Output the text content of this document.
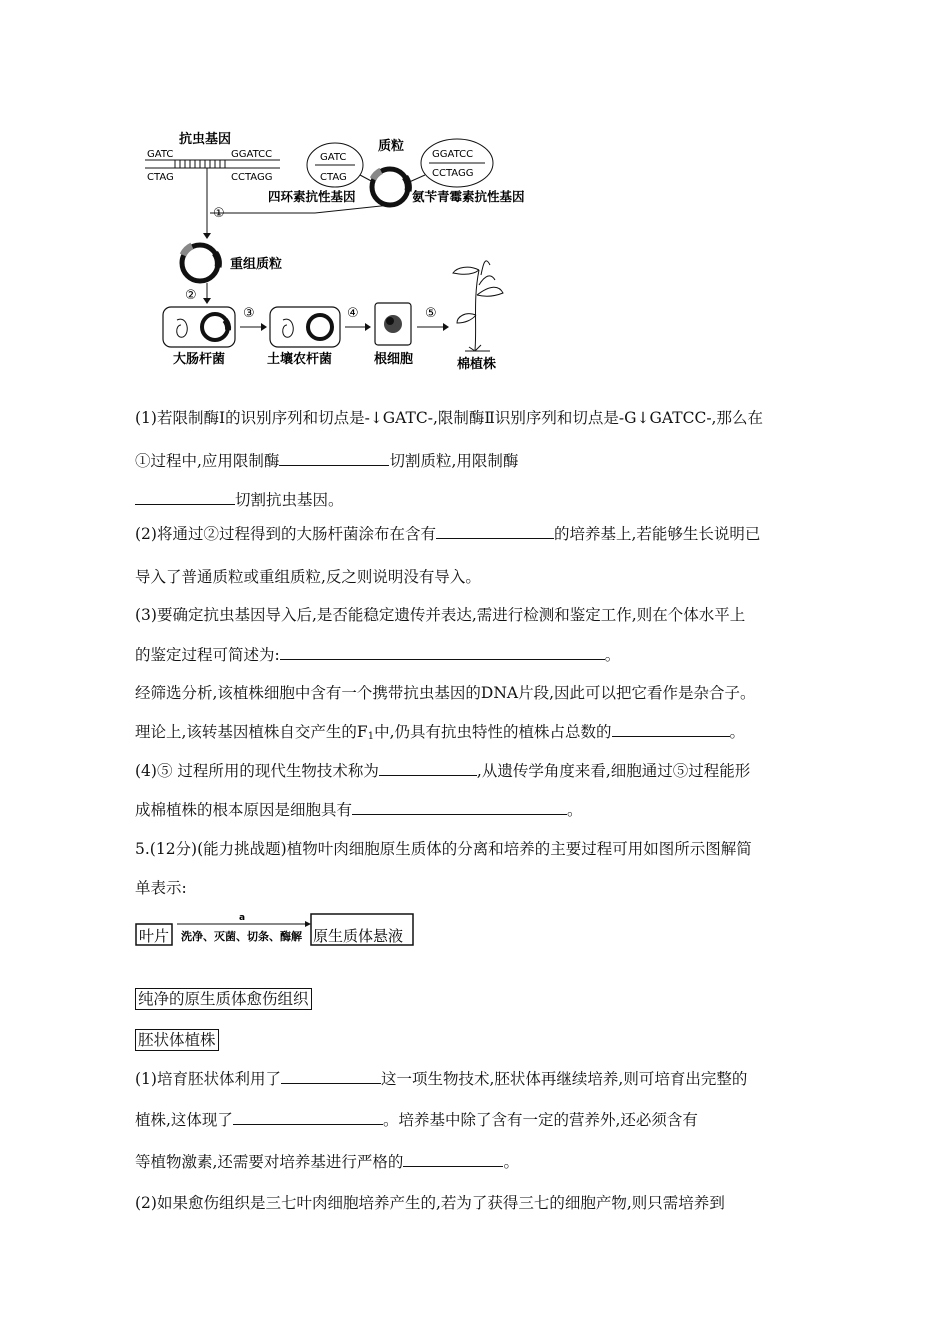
抗虫基因
GATC
CTAG
GGATCC
CCTAGG
①
质粒
GATC
CTAG
GGATCC
CCTAGG
四环素抗性基因	氨苄青霉素抗性基因
重组质粒
②
大肠杆菌
③
土壤农杆菌
④
根细胞
⑤
棉植株
(1)若限制酶Ⅰ的识别序列和切点是-↓GATC-,限制酶Ⅱ识别序列和切点是-G↓GATCC-,那么在
①过程中,应用限制酶	切割质粒,用限制酶
切割抗虫基因。
(2)将通过②过程得到的大肠杆菌涂布在含有	的培养基上,若能够生长说明已
导入了普通质粒或重组质粒,反之则说明没有导入。
(3)要确定抗虫基因导入后,是否能稳定遗传并表达,需进行检测和鉴定工作,则在个体水平上
的鉴定过程可简述为:	。
经筛选分析,该植株细胞中含有一个携带抗虫基因的DNA片段,因此可以把它看作是杂合子。
理论上,该转基因植株自交产生的$F_1$中,仍具有抗虫特性的植株占总数的	。
(4)⑤ 过程所用的现代生物技术称为	,从遗传学角度来看,细胞通过⑤过程能形
成棉植株的根本原因是细胞具有	。
5.(12分)(能力挑战题)植物叶肉细胞原生质体的分离和培养的主要过程可用如图所示图解简
单表示:
叶片
a
洗净、灭菌、切条、酶解 原生质体悬液
纯净的原生质体愈伤组织
胚状体植株
(1)培育胚状体利用了	这一项生物技术,胚状体再继续培养,则可培育出完整的
植株,这体现了	。培养基中除了含有一定的营养外,还必须含有
等植物激素,还需要对培养基进行严格的	。
(2)如果愈伤组织是三七叶肉细胞培养产生的,若为了获得三七的细胞产物,则只需培养到
